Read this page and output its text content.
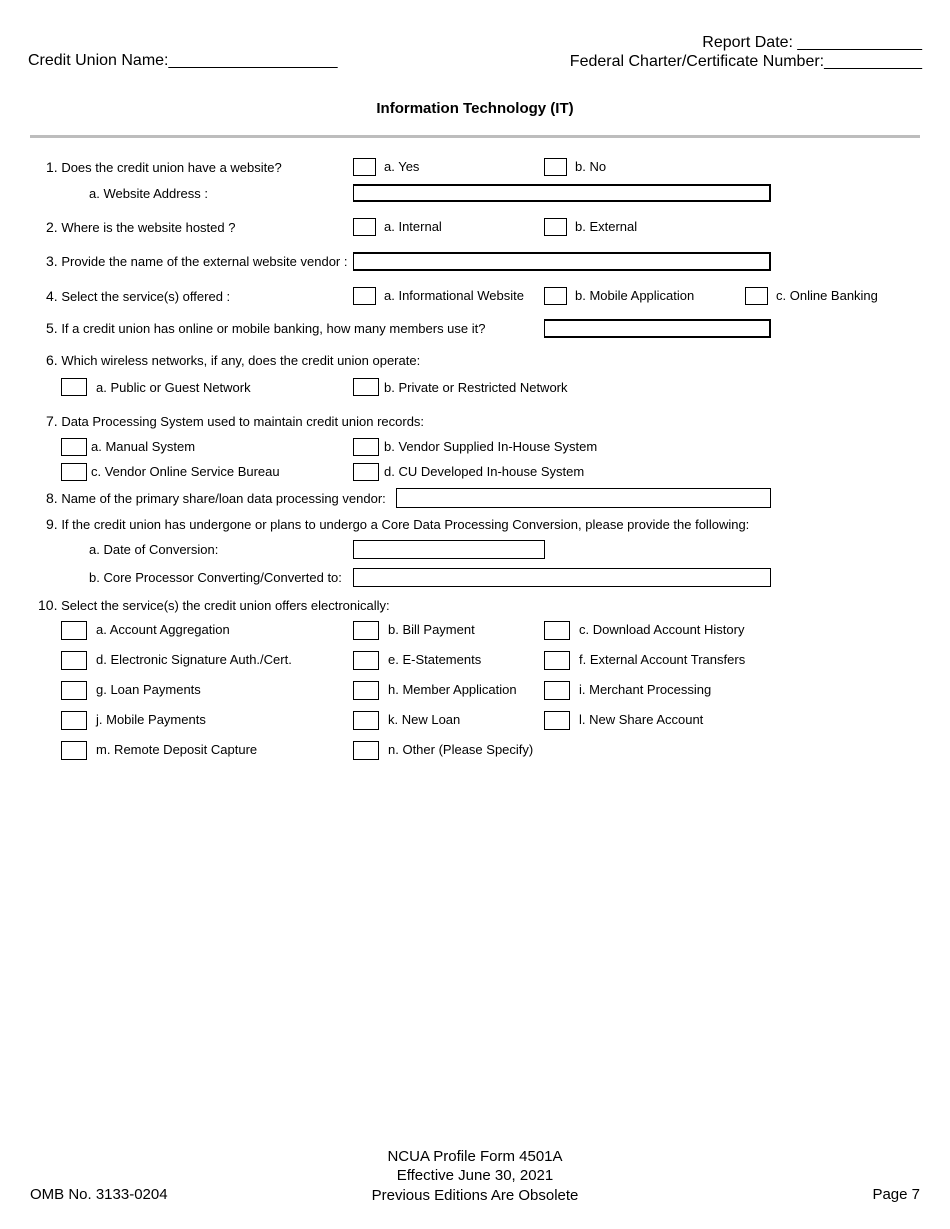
Credit Union Name:___________________
Report Date: ______________
Federal Charter/Certificate Number:___________
Information Technology (IT)
1. Does the credit union have a website?	a. Yes	b. No
a. Website Address :
2. Where is the website hosted ?	a. Internal	b. External
3. Provide the name of the external website vendor :
4. Select the service(s) offered :	a. Informational Website	b. Mobile Application	c. Online Banking
5. If a credit union has online or mobile banking, how many members use it?
6. Which wireless networks, if any, does the credit union operate:
a. Public or Guest Network	b. Private or Restricted Network
7. Data Processing System used to maintain credit union records:
a. Manual System	b. Vendor Supplied In-House System
c. Vendor Online Service Bureau	d. CU Developed In-house System
8. Name of the primary share/loan data processing vendor:
9. If the credit union has undergone or plans to undergo a Core Data Processing Conversion, please provide the following:
a. Date of Conversion:
b. Core Processor Converting/Converted to:
10. Select the service(s) the credit union offers electronically:
a. Account Aggregation	b. Bill Payment	c. Download Account History
d. Electronic Signature Auth./Cert.	e. E-Statements	f. External Account Transfers
g. Loan Payments	h. Member Application	i. Merchant Processing
j. Mobile Payments	k. New Loan	l. New Share Account
m. Remote Deposit Capture	n. Other (Please Specify)
OMB No. 3133-0204
NCUA Profile Form 4501A
Effective June 30, 2021
Previous Editions Are Obsolete	Page 7
